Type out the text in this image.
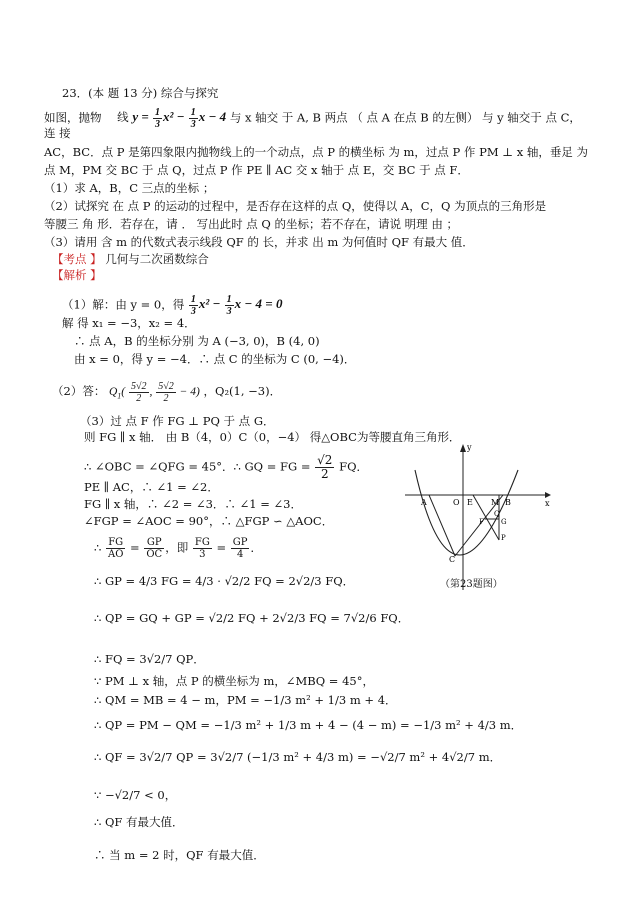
23．(本 题 13 分) 综合与探究
如图，抛物 线 $y = \frac{1}{3} x^2 - \frac{1}{3}$ x − 4 与 x 轴交 于 A, B 两点 （ 点 A 在点 B 的左侧） 与 y 轴交于 点 C，
连 接
AC，BC．点 P 是第四象限内抛物线上的一个动点，点 P 的横坐标 为 m，过点 P 作 PM ⊥ x 轴，垂足 为
点 M，PM 交 BC 于 点 Q，过点 P 作 PE ∥ AC 交 x 轴于 点 E，交 BC 于 点 F．
（1）求 A，B，C 三点的坐标 ；
（2）试探究 在 点 P 的运动的过程中，是否存在这样的点 Q，使得以 A，C，Q 为顶点的三角形是
等腰三 角 形．若存在，请 ． 写出此时 点 Q 的坐标；若不存在，请说 明理 由 ；
（3）请用 含 m 的代数式表示线段 QF 的 长，并求 出 m 为何值时 QF 有最大 值．
【考点 】 几何与二次函数综合
【解析 】
（1）解：由 y = 0，得 $\frac{1}{3} x^2 - \frac{1}{3}$ x − 4 = 0
解 得 x₁ = −3，x₂ = 4．
∴ 点 A，B 的坐标分别 为 A (−3, 0)，B (4, 0)
由 x = 0，得 y = −4．∴ 点 C 的坐标为 C (0, −4)．
（2）答： $Q_1( \frac{5√2}{2}$ , $\frac{5√2}{2} - 4$) ，Q₂(1, −3)．
（3）过 点 F 作 FG ⊥ PQ 于 点 G．
则 FG ∥ x 轴． 由 B（4，0）C（0，−4） 得△OBC为等腰直角三角形．
∴ ∠OBC = ∠QFG = 45°．∴ GQ = FG = $\frac{√2}{2}$ FQ．
PE ∥ AC，∴ ∠1 = ∠2．
FG ∥ x 轴，∴ ∠2 = ∠3．∴ ∠1 = ∠3．
∠FGP = ∠AOC = 90°，∴ △FGP ∽ △AOC．
∴ $\frac{FG}{AO} = \frac{GP}{OC}$ ，即 $\frac{FG}{3} = \frac{GP}{4}$ ．
∴ GP = 4/3 FG = 4/3 · √2/2 FQ = 2√2/3 FQ．
∴ QP = GQ + GP = √2/2 FQ + 2√2/3 FQ = 7√2/6 FQ．
∴ FQ = 3√2/7 QP．
∵ PM ⊥ x 轴，点 P 的横坐标为 m，∠MBQ = 45°，
∴ QM = MB = 4 − m，PM = −1/3 m² + 1/3 m + 4．
∴ QP = PM − QM = −1/3 m² + 1/3 m + 4 − (4 − m) = −1/3 m² + 4/3 m．
∴ QF = 3√2/7 QP = 3√2/7 (−1/3 m² + 4/3 m) = −√2/7 m² + 4√2/7 m．
∵ −√2/7 < 0，
∴ QF 有最大值．
∴ 当 m = 2 时，QF 有最大值．
A	O E M B
y
x
Q
F G
P
C
（第23题图）
